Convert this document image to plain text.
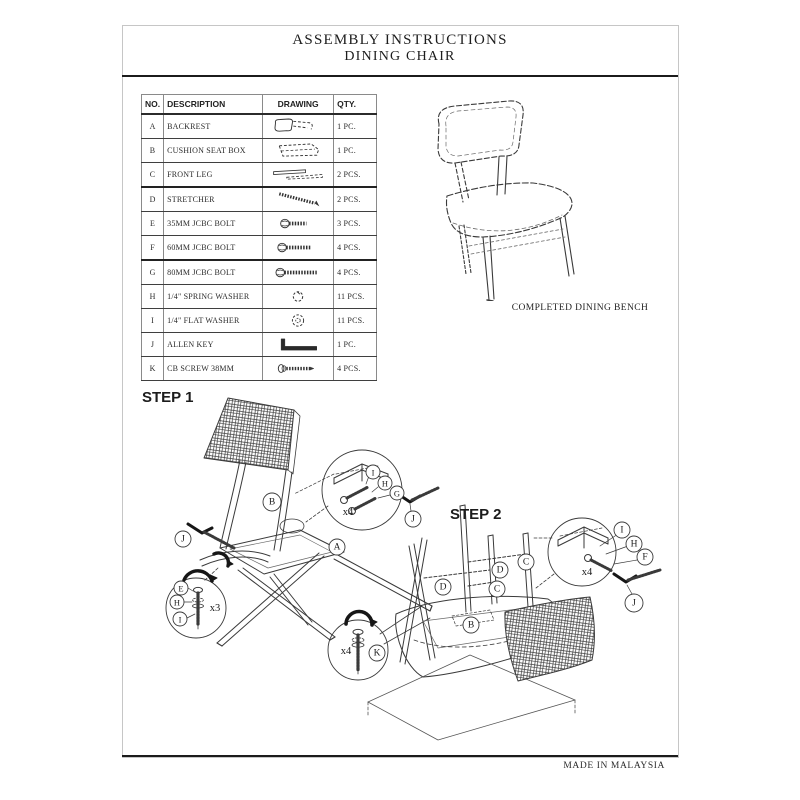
ASSEMBLY INSTRUCTIONS
DINING CHAIR
NO.	DESCRIPTION	DRAWING	QTY.
A	BACKREST		1 PC.
B	CUSHION SEAT BOX		1 PC.
C	FRONT LEG		2 PCS.
D	STRETCHER		2 PCS.
E	35MM JCBC BOLT		3 PCS.
F	60MM JCBC BOLT		4 PCS.
G	80MM JCBC BOLT		4 PCS.
H	1/4" SPRING WASHER		11 PCS.
I	1/4" FLAT WASHER		11 PCS.
J	ALLEN KEY		1 PC.
K	CB SCREW 38MM		4 PCS.
COMPLETED DINING BENCH
STEP 1
B
A
J
I
H
G
J
x4
E
H
I
x3
x4 K
STEP 2
C
D
C
D
B
I
H
F
x4
J
MADE IN MALAYSIA
